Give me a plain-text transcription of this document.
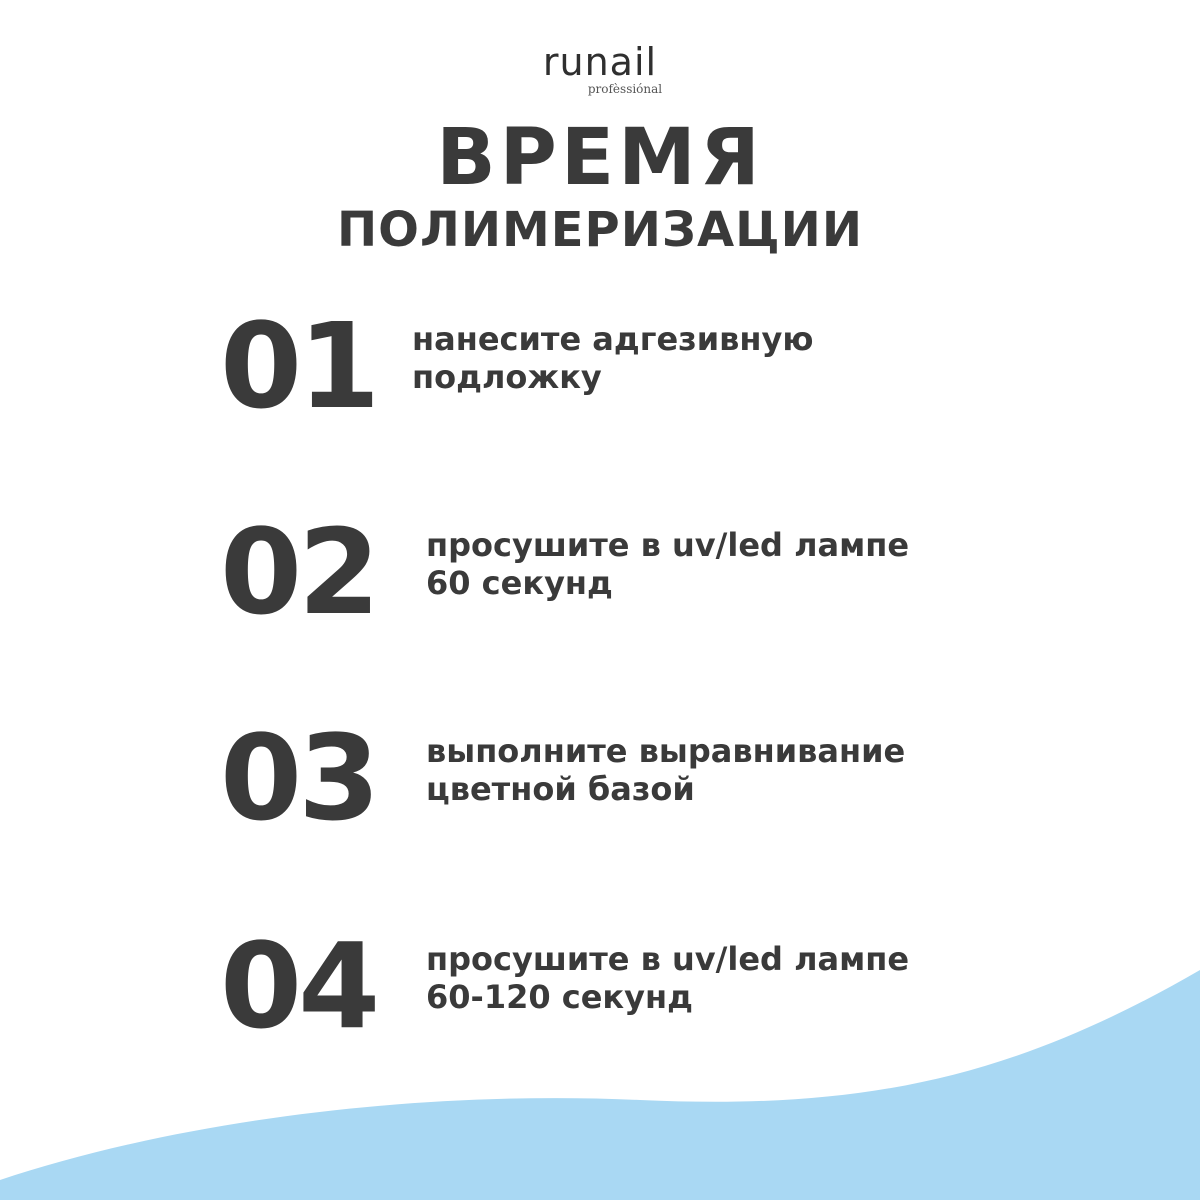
runail
profèssiónal
ВРЕМЯ
ПОЛИМЕРИЗАЦИИ
01 нанесите адгезивную
подложку
02 просушите в uv/led лампе
60 секунд
03 выполните выравнивание
цветной базой
04 просушите в uv/led лампе
60-120 секунд
